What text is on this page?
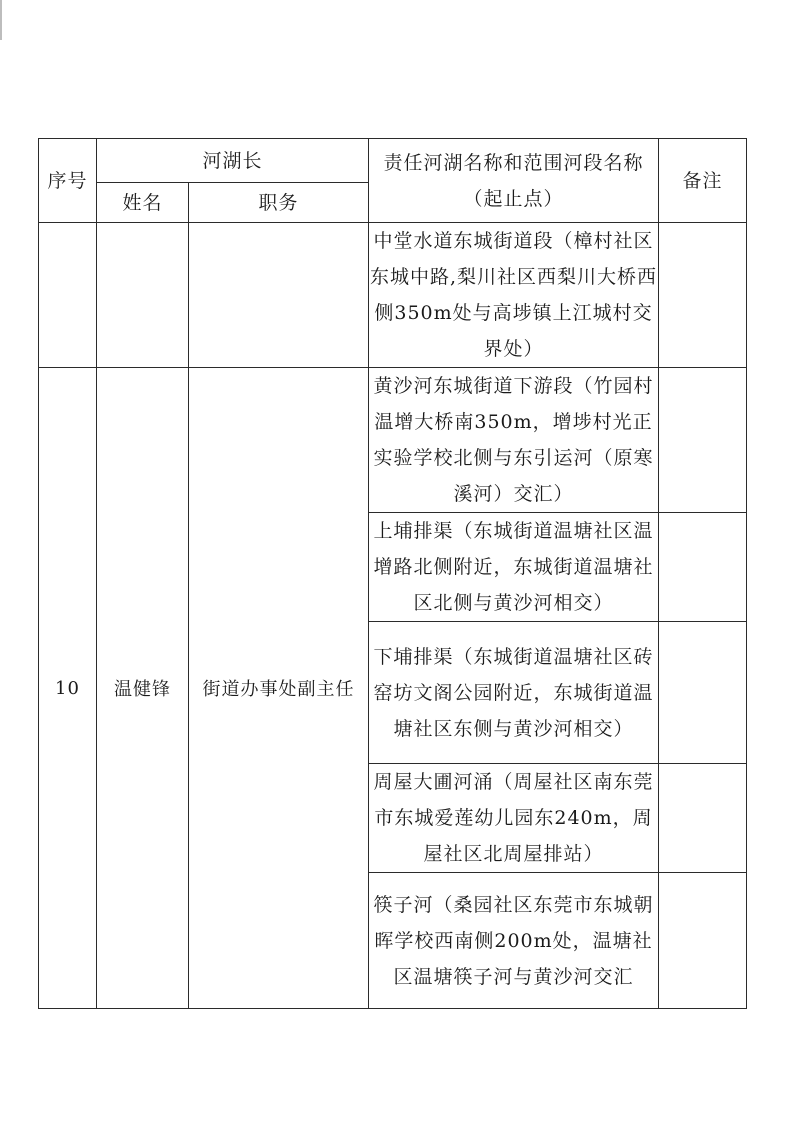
序号	河湖长		责任河湖名称和范围河段名称（起止点）	备注
	姓名	职务		

			中堂水道东城街道段（樟村社区东城中路,梨川社区西梨川大桥西侧350m处与高埗镇上江城村交界处）	

10	温健锋	街道办事处副主任	黄沙河东城街道下游段（竹园村温增大桥南350m，增埗村光正实验学校北侧与东引运河（原寒溪河）交汇）	

			上埔排渠（东城街道温塘社区温增路北侧附近，东城街道温塘社区北侧与黄沙河相交）	

			下埔排渠（东城街道温塘社区砖窑坊文阁公园附近，东城街道温塘社区东侧与黄沙河相交）	

			周屋大圃河涌（周屋社区南东莞市东城爱莲幼儿园东240m，周屋社区北周屋排站）	

			筷子河（桑园社区东莞市东城朝晖学校西南侧200m处，温塘社区温塘筷子河与黄沙河交汇	
